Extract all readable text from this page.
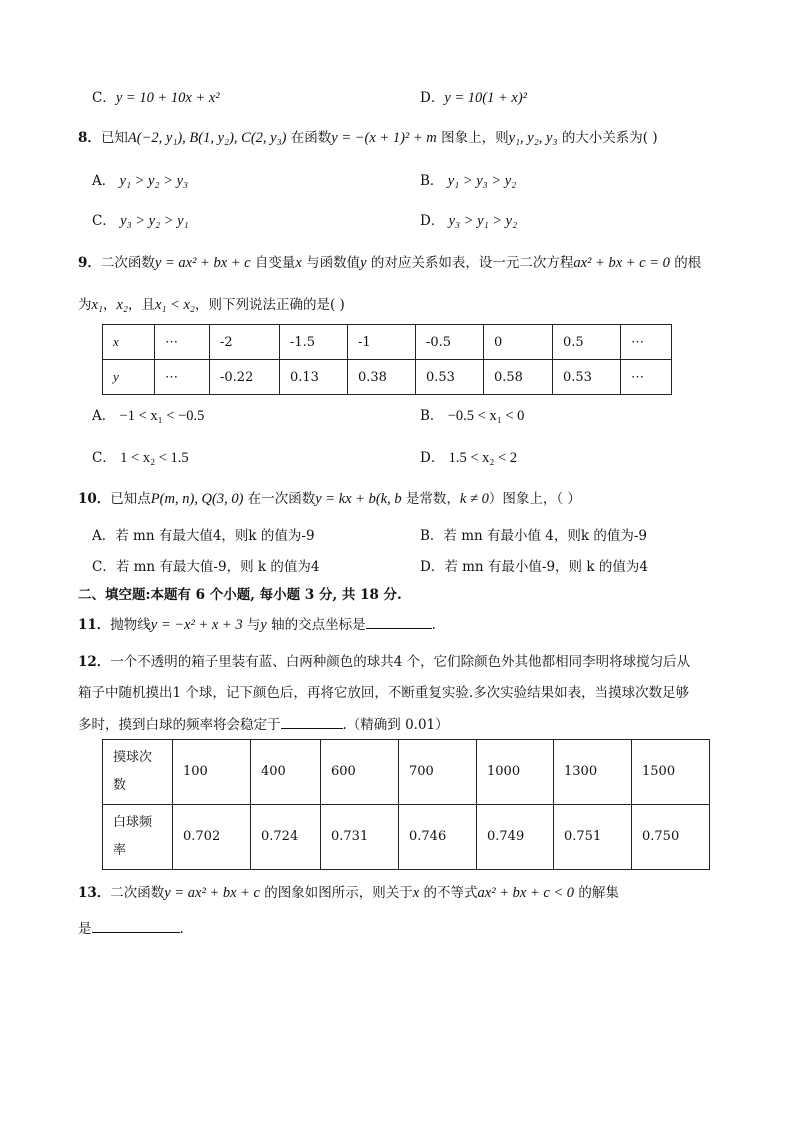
C．y = 10 + 10x + x²	D．y = 10(1 + x)²
8．已知A(−2, y₁), B(1, y₂), C(2, y₃) 在函数y = −(x + 1)² + m 图象上，则y₁, y₂, y₃ 的大小关系为( )
A． y₁ > y₂ > y₃	B． y₁ > y₃ > y₂
C． y₃ > y₂ > y₁	D． y₃ > y₁ > y₂
9．二次函数y = ax² + bx + c 自变量x 与函数值y 的对应关系如表，设一元二次方程ax² + bx + c = 0 的根
为x₁，x₂，且x₁ < x₂，则下列说法正确的是( )
x	⋯	-2	-1.5	-1	-0.5	0	0.5	⋯
y	⋯	-0.22	0.13	0.38	0.53	0.58	0.53	⋯
A． −1 < x₁ < −0.5	B． −0.5 < x₁ < 0
C． 1 < x₂ < 1.5	D． 1.5 < x₂ < 2
10．已知点P(m, n), Q(3, 0) 在一次函数y = kx + b(k, b 是常数，k ≠ 0）图象上，（ ）
A．若 mn 有最大值4，则k 的值为-9	B．若 mn 有最小值 4，则k 的值为-9
C．若 mn 有最大值-9，则 k 的值为4	D．若 mn 有最小值-9，则 k 的值为4
二、填空题:本题有 6 个小题, 每小题 3 分, 共 18 分.
11．抛物线y = −x² + x + 3 与y 轴的交点坐标是	.
12．一个不透明的箱子里装有蓝、白两种颜色的球共4 个，它们除颜色外其他都相同李明将球搅匀后从
箱子中随机摸出1 个球，记下颜色后，再将它放回，不断重复实验.多次实验结果如表，当摸球次数足够
多时，摸到白球的频率将会稳定于	.（精确到 0.01）
摸球次
数	100	400	600	700	1000	1300	1500
白球频
率	0.702	0.724	0.731	0.746	0.749	0.751	0.750
13．二次函数y = ax² + bx + c 的图象如图所示，则关于x 的不等式ax² + bx + c < 0 的解集
是	.
